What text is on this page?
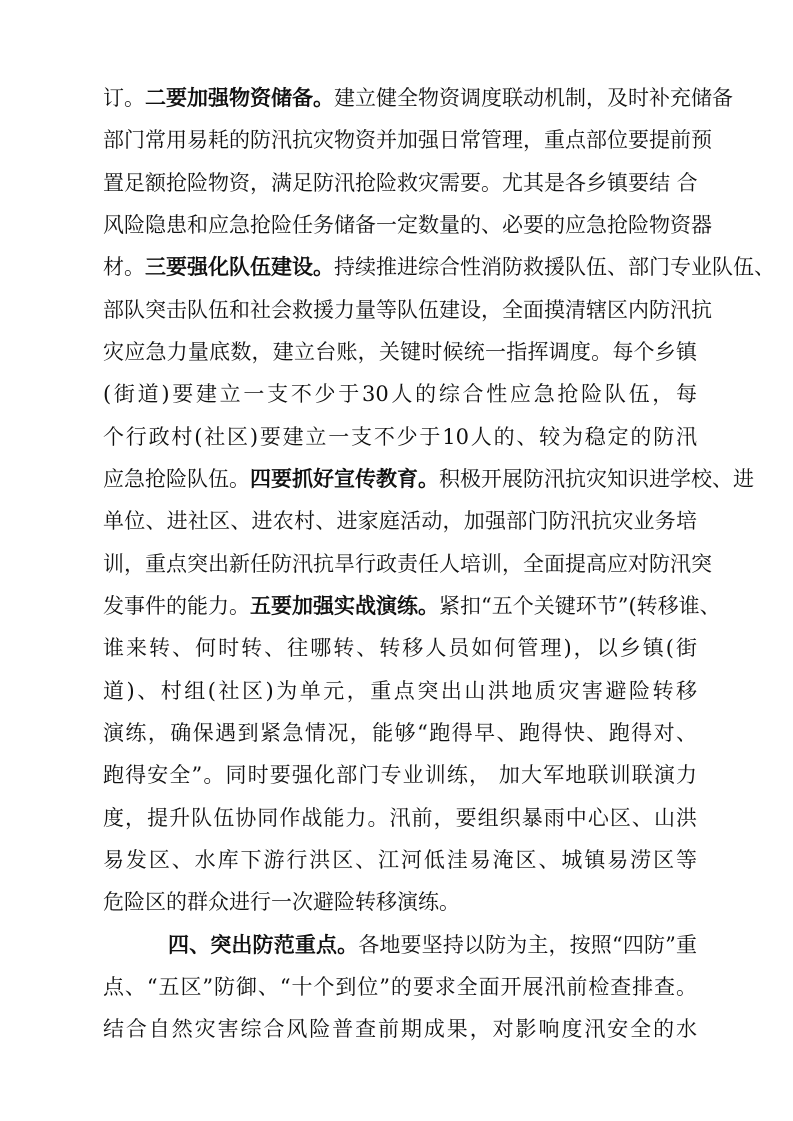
订。二要加强物资储备。建立健全物资调度联动机制，及时补充储备
部门常用易耗的防汛抗灾物资并加强日常管理，重点部位要提前预
置足额抢险物资，满足防汛抢险救灾需要。尤其是各乡镇要结 合
风险隐患和应急抢险任务储备一定数量的、必要的应急抢险物资器
材。三要强化队伍建设。持续推进综合性消防救援队伍、部门专业队伍、
部队突击队伍和社会救援力量等队伍建设，全面摸清辖区内防汛抗
灾应急力量底数，建立台账，关键时候统一指挥调度。每个乡镇
(街道)要建立一支不少于30人的综合性应急抢险队伍，每
个行政村(社区)要建立一支不少于10人的、较为稳定的防汛
应急抢险队伍。四要抓好宣传教育。积极开展防汛抗灾知识进学校、进
单位、进社区、进农村、进家庭活动，加强部门防汛抗灾业务培
训，重点突出新任防汛抗旱行政责任人培训，全面提高应对防汛突
发事件的能力。五要加强实战演练。紧扣“五个关键环节”(转移谁、
谁来转、何时转、往哪转、转移人员如何管理)，以乡镇(街
道)、村组(社区)为单元，重点突出山洪地质灾害避险转移
演练，确保遇到紧急情况，能够“跑得早、跑得快、跑得对、
跑得安全”。同时要强化部门专业训练， 加大军地联训联演力
度，提升队伍协同作战能力。汛前，要组织暴雨中心区、山洪
易发区、水库下游行洪区、江河低洼易淹区、城镇易涝区等
危险区的群众进行一次避险转移演练。
四、突出防范重点。各地要坚持以防为主，按照“四防”重
点、“五区”防御、“十个到位”的要求全面开展汛前检查排查。
结合自然灾害综合风险普查前期成果，对影响度汛安全的水
